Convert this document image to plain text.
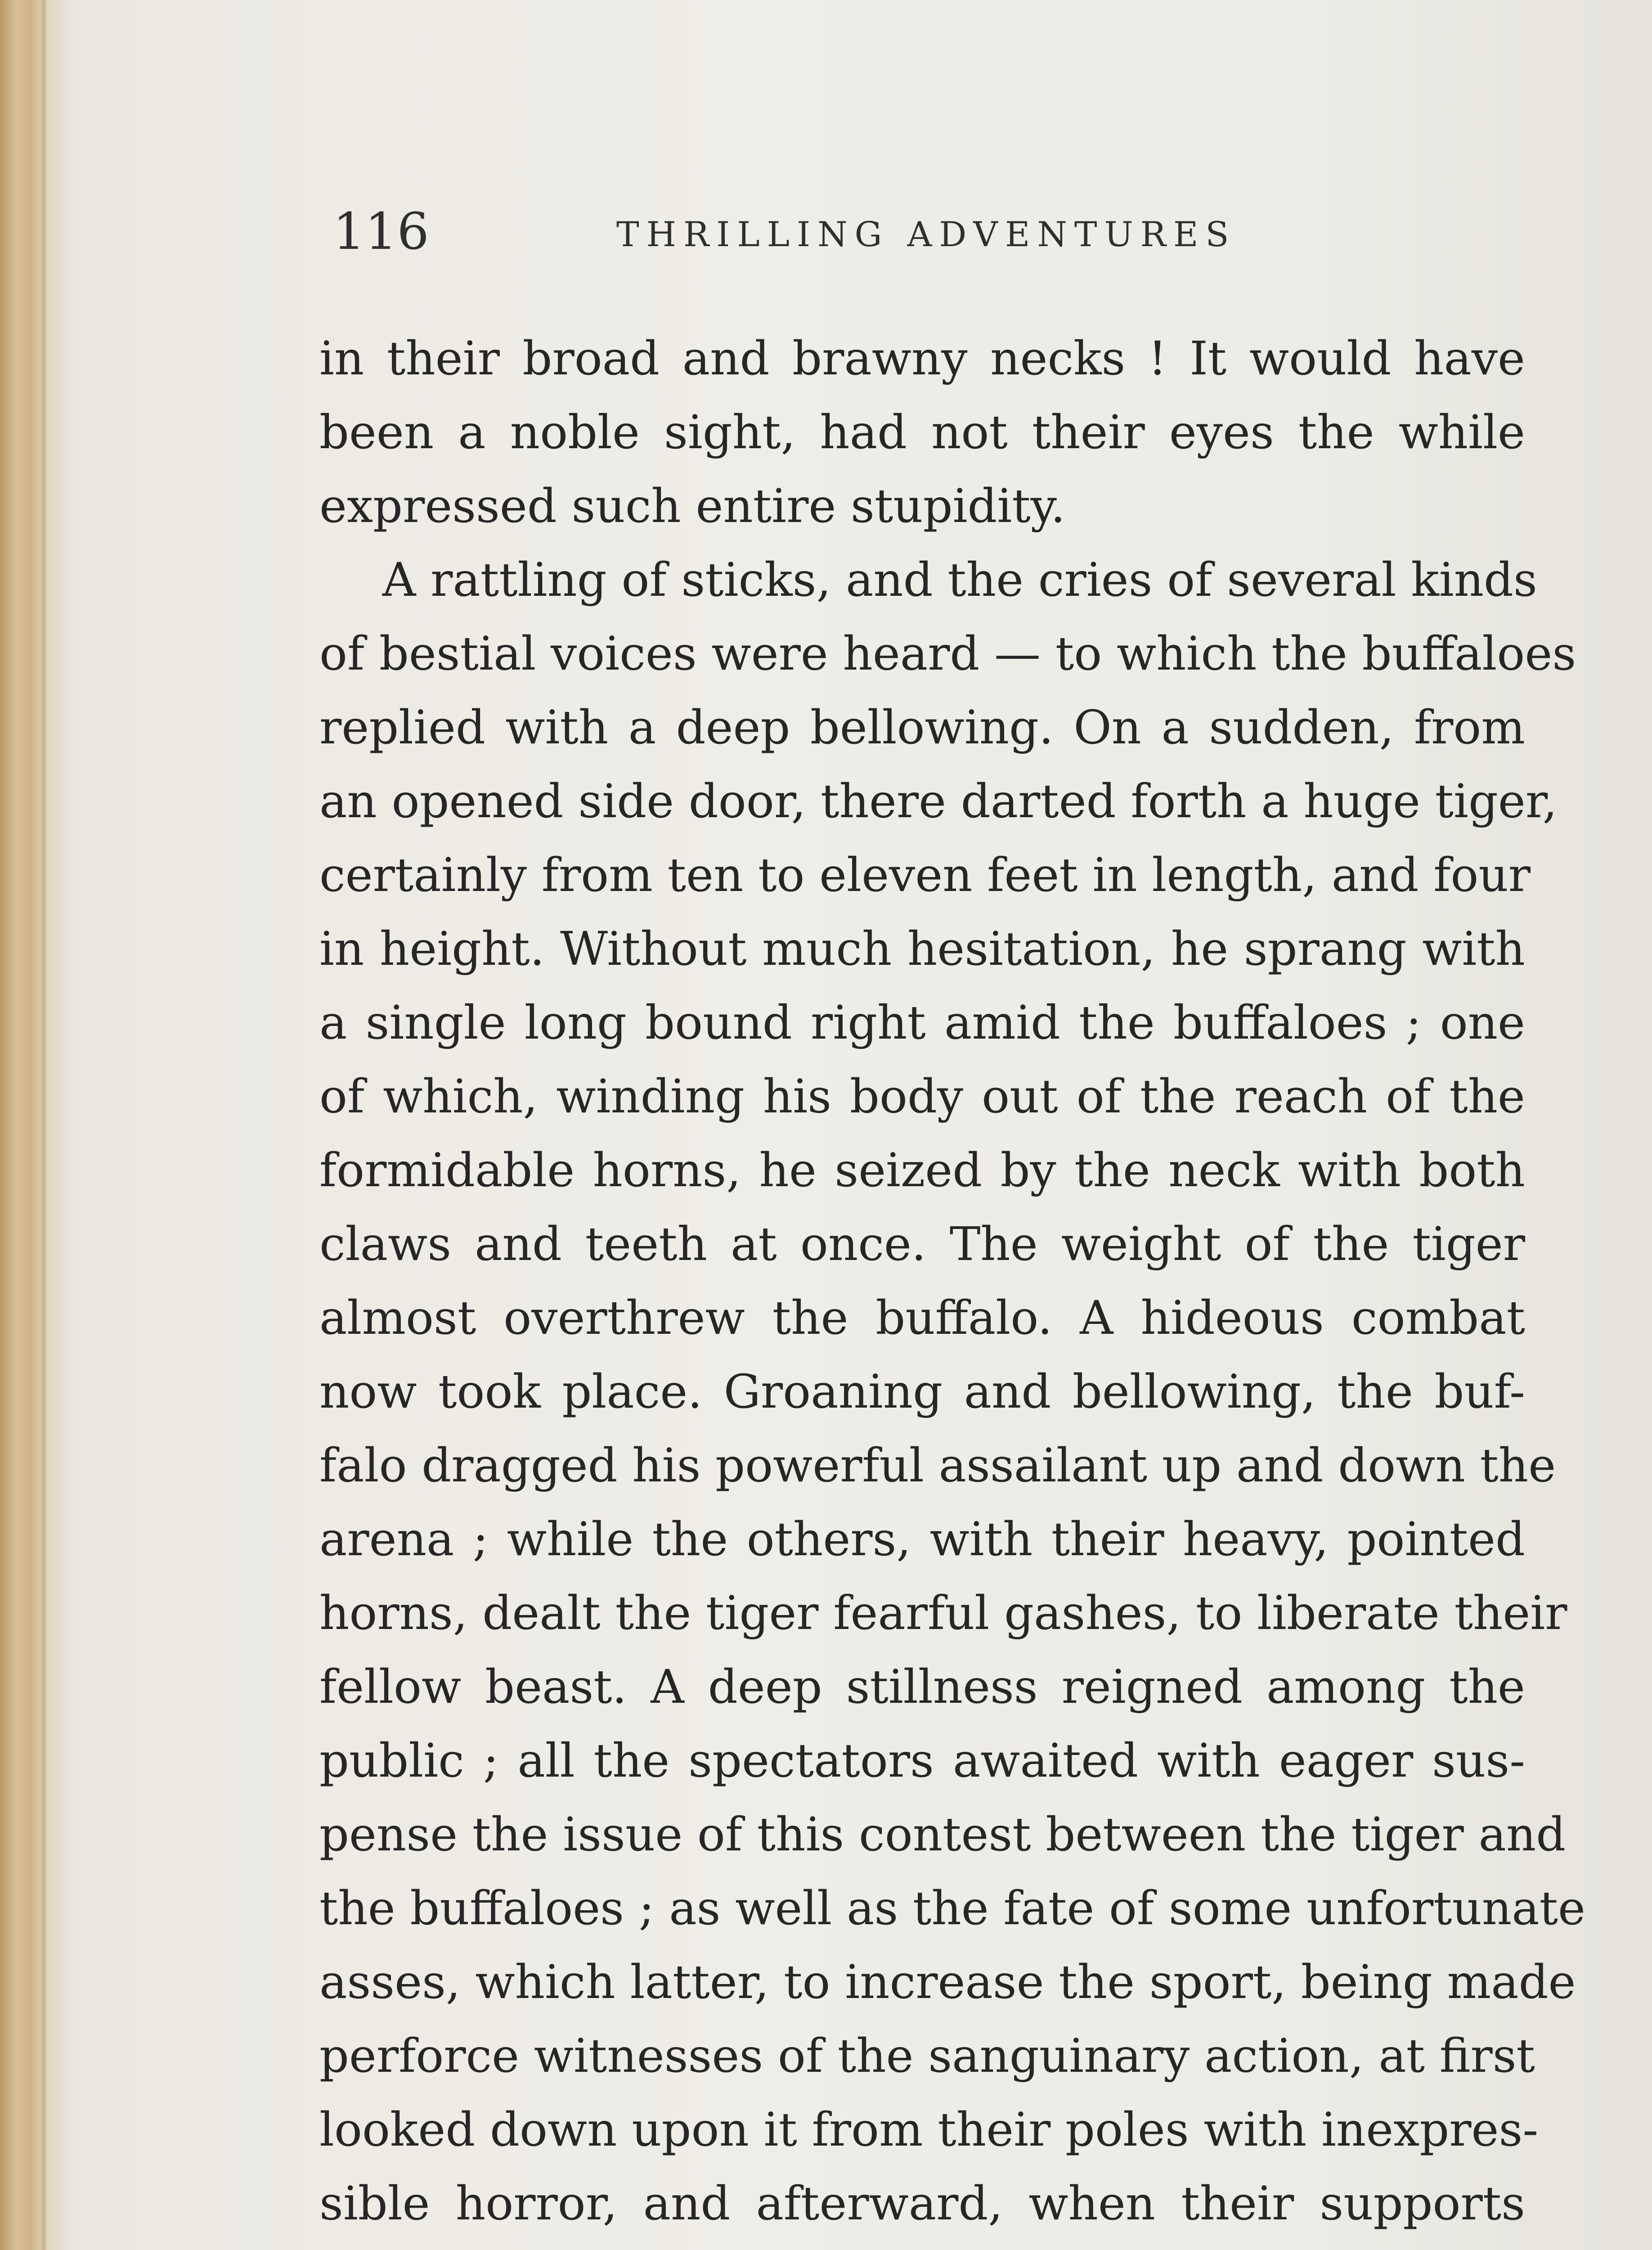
116	THRILLING ADVENTURES
in their broad and brawny necks ! It would have
been a noble sight, had not their eyes the while
expressed such entire stupidity.
A rattling of sticks, and the cries of several kinds
of bestial voices were heard — to which the buffaloes
replied with a deep bellowing. On a sudden, from
an opened side door, there darted forth a huge tiger,
certainly from ten to eleven feet in length, and four
in height. Without much hesitation, he sprang with
a single long bound right amid the buffaloes ; one
of which, winding his body out of the reach of the
formidable horns, he seized by the neck with both
claws and teeth at once. The weight of the tiger
almost overthrew the buffalo. A hideous combat
now took place. Groaning and bellowing, the buf-
falo dragged his powerful assailant up and down the
arena ; while the others, with their heavy, pointed
horns, dealt the tiger fearful gashes, to liberate their
fellow beast. A deep stillness reigned among the
public ; all the spectators awaited with eager sus-
pense the issue of this contest between the tiger and
the buffaloes ; as well as the fate of some unfortunate
asses, which latter, to increase the sport, being made
perforce witnesses of the sanguinary action, at first
looked down upon it from their poles with inexpres-
sible horror, and afterward, when their supports
